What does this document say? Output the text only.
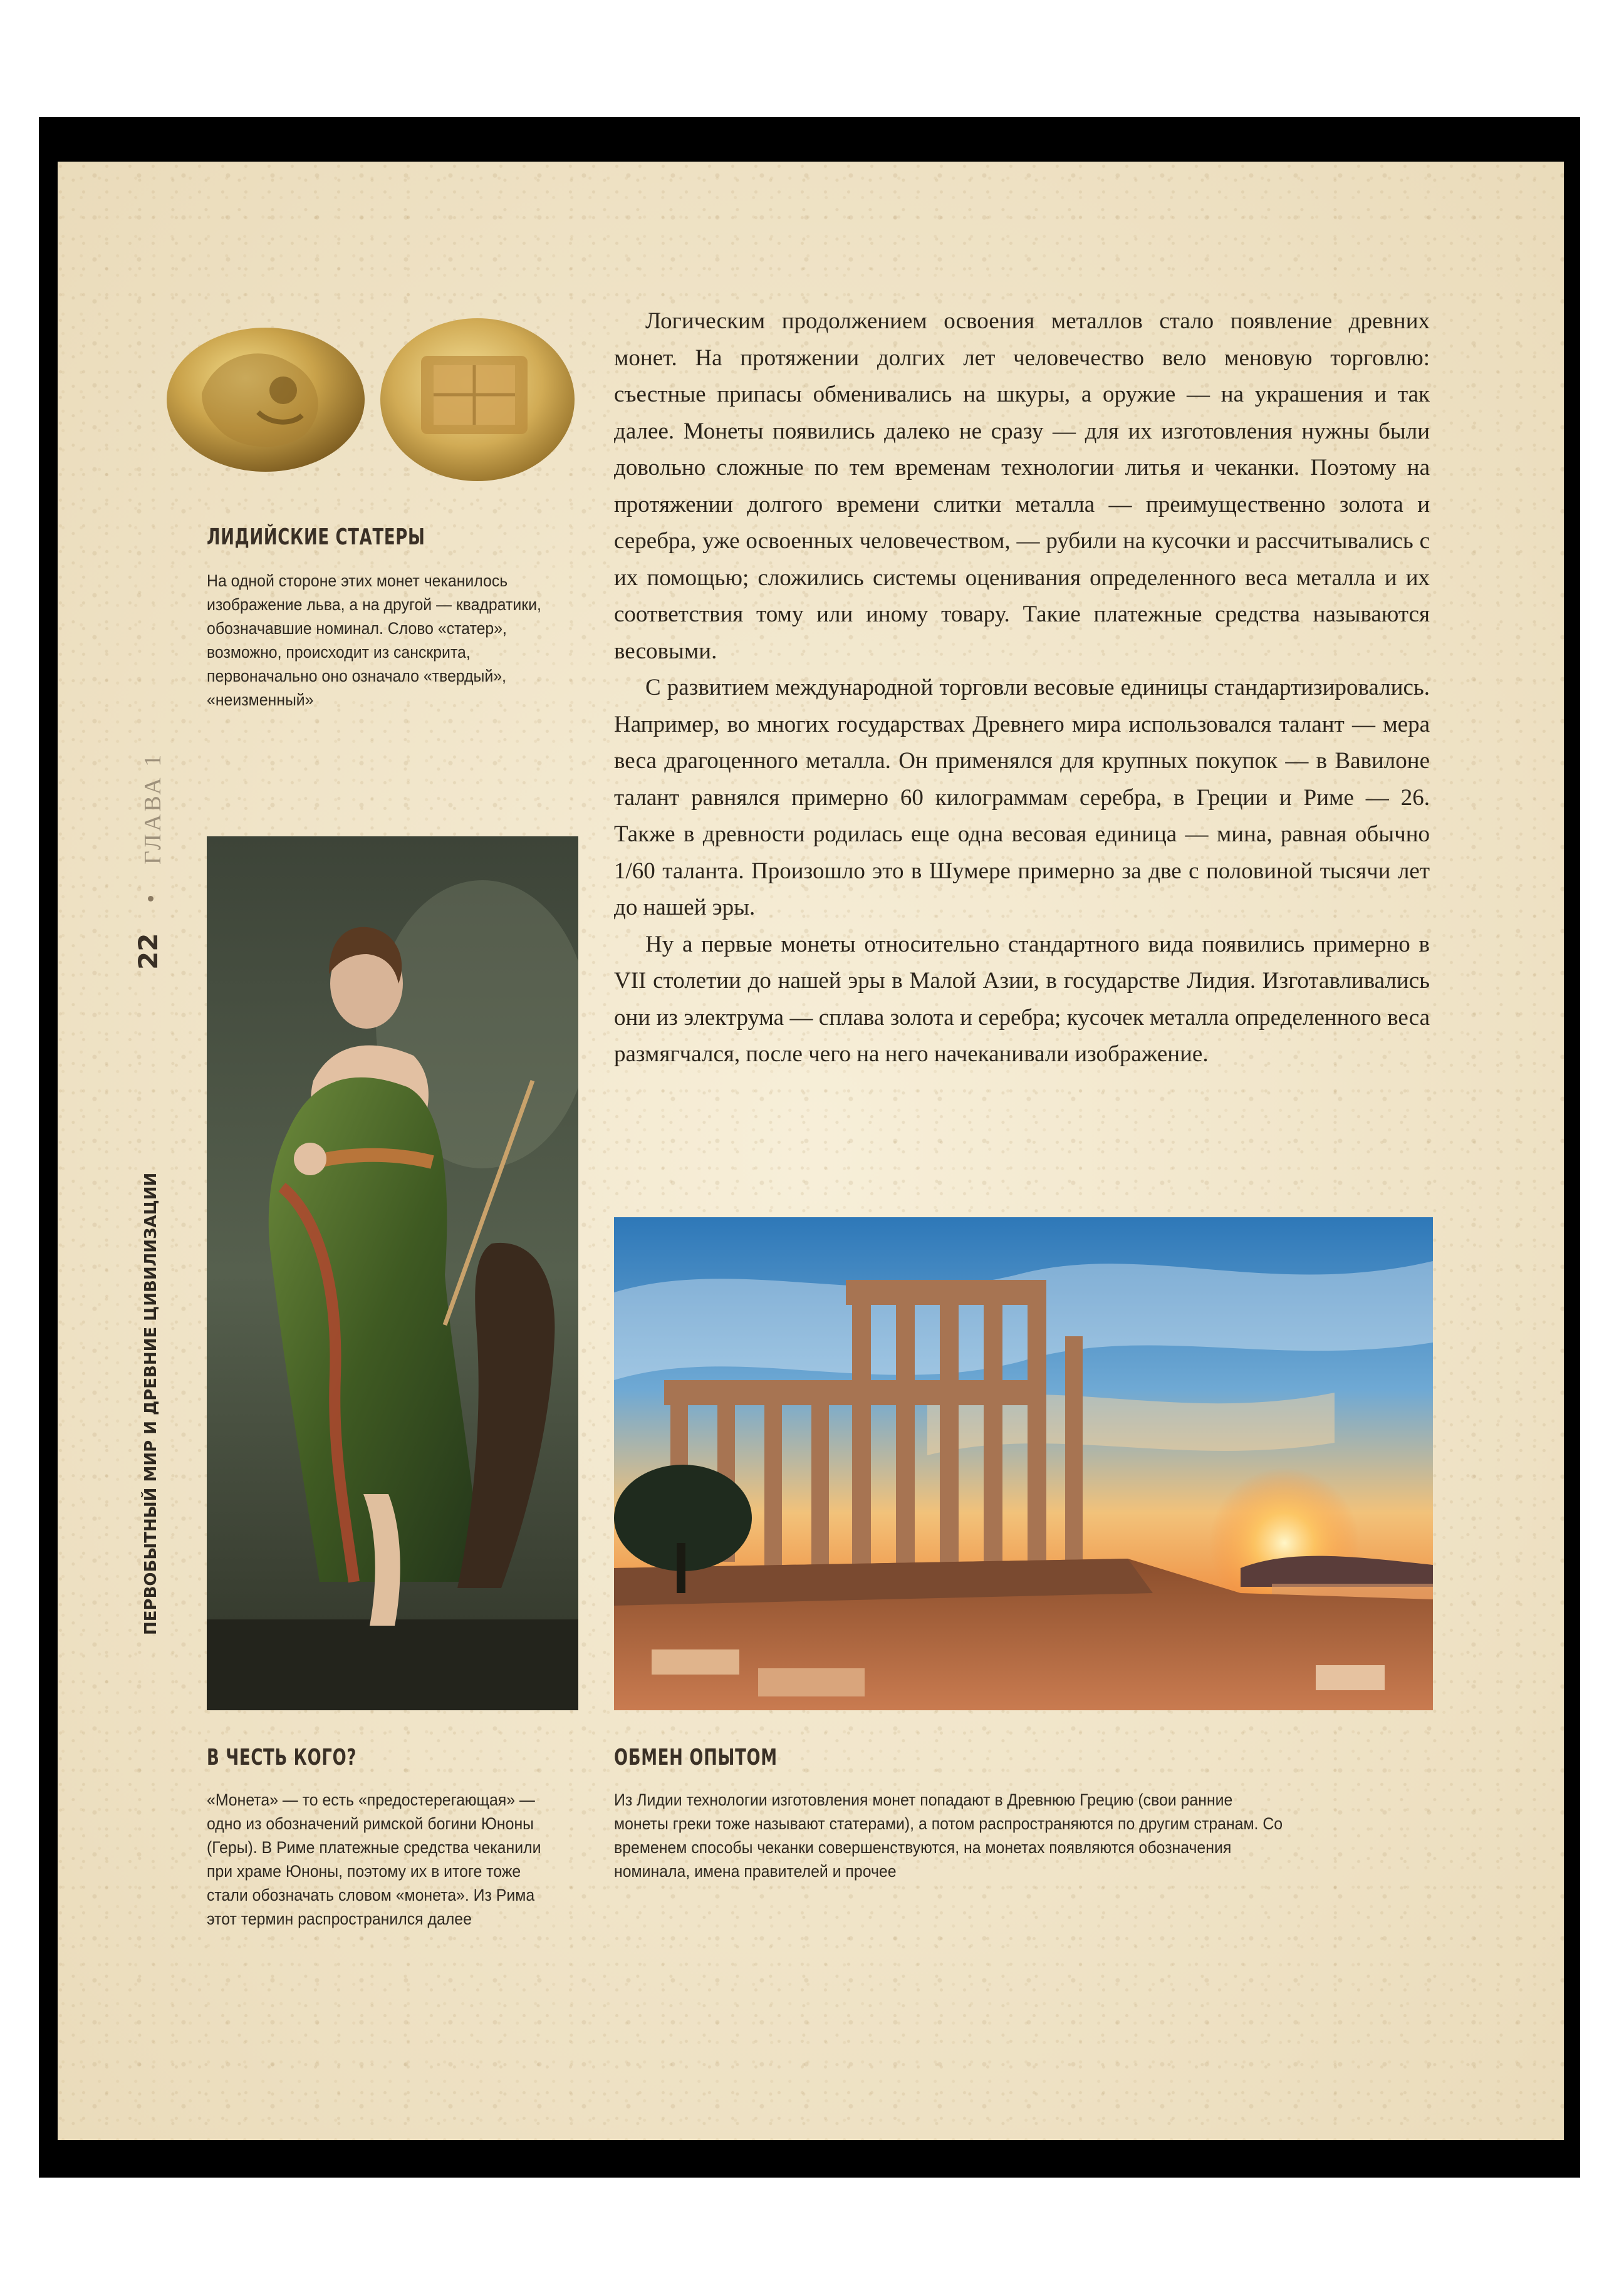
ЛИДИЙСКИЕ СТАТЕРЫ
На одной стороне этих монет чеканилось изображение льва, а на другой — квадратики, обозначавшие номинал. Слово «статер», возможно, происходит из санскрита, первоначально оно означало «твердый», «неизменный»
22
ГЛАВА 1
ПЕРВОБЫТНЫЙ МИР И ДРЕВНИЕ ЦИВИЛИЗАЦИИ
В ЧЕСТЬ КОГО?
«Монета» — то есть «предостерегающая» — одно из обозначений римской богини Юноны (Геры). В Риме платежные средства чеканили при храме Юноны, поэтому их в итоге тоже стали обозначать словом «монета». Из Рима этот термин распространился далее
ОБМЕН ОПЫТОМ
Из Лидии технологии изготовления монет попадают в Древнюю Грецию (свои ранние монеты греки тоже называют статерами), а потом распространяются по другим странам. Со временем способы чеканки совершенствуются, на монетах появляются обозначения номинала, имена правителей и прочее

Логическим продолжением освоения металлов стало появление древних монет. На протяжении долгих лет человечество вело меновую торговлю: съестные припасы обменивались на шкуры, а оружие — на украшения и так далее. Монеты появились далеко не сразу — для их изготовления нужны были довольно сложные по тем временам технологии литья и чеканки. Поэтому на протяжении долгого времени слитки металла — преимущественно золота и серебра, уже освоенных человечеством, — рубили на кусочки и рассчитывались с их помощью; сложились системы оценивания определенного веса металла и их соответствия тому или иному товару. Такие платежные средства называются весовыми.

С развитием международной торговли весовые единицы стандартизировались. Например, во многих государствах Древнего мира использовался талант — мера веса драгоценного металла. Он применялся для крупных покупок — в Вавилоне талант равнялся примерно 60 килограммам серебра, в Греции и Риме — 26. Также в древности родилась еще одна весовая единица — мина, равная обычно 1/60 таланта. Произошло это в Шумере примерно за две с половиной тысячи лет до нашей эры.

Ну а первые монеты относительно стандартного вида появились примерно в VII столетии до нашей эры в Малой Азии, в государстве Лидия. Изготавливались они из электрума — сплава золота и серебра; кусочек металла определенного веса размягчался, после чего на него начеканивали изображение.
